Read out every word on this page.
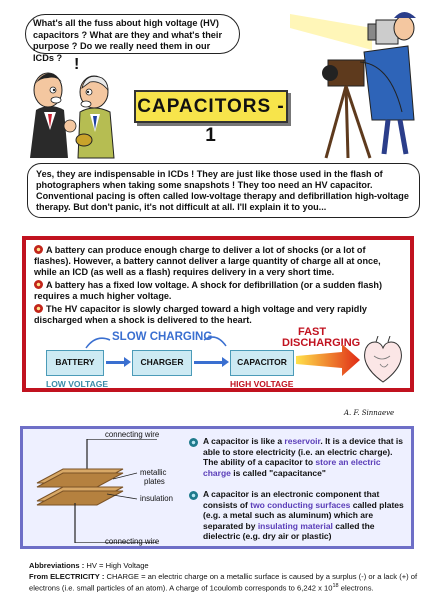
!
What's all the fuss about high voltage (HV) capacitors ? What are they and what's their purpose ? Do we really need them in our ICDs ?
CAPACITORS - 1
Yes, they are indispensable in ICDs ! They are just like those used in the flash of photographers when taking some snapshots ! They too need an HV capacitor. Conventional pacing is often called low-voltage therapy and defibrillation high-voltage therapy. But don't panic, it's not difficult at all. I'll explain it to you...
A battery can produce enough charge to deliver a lot of shocks (or a lot of flashes). However, a battery cannot deliver a large quantity of charge all at once, while an ICD (as well as a flash) requires delivery in a very short time.
A battery has a fixed low voltage. A shock for defibrillation (or a sudden flash) requires a much higher voltage.
The HV capacitor is slowly charged toward a high voltage and very rapidly discharged when a shock is delivered to the heart.
SLOW CHARGING	FAST
DISCHARGING
BATTERY	CHARGER	CAPACITOR
LOW VOLTAGE	HIGH VOLTAGE
A. F. Sinnaeve
connecting wire
metallic
plates
insulation
connecting wire
A capacitor is like a reservoir. It is a device that is able to store electricity (i.e. an electric charge). The ability of a capacitor to store an electric charge is called "capacitance"
A capacitor is an electronic component that consists of two conducting surfaces called plates (e.g. a metal such as aluminum) which are separated by insulating material called the dielectric (e.g. dry air or plastic)
Abbreviations : HV = High Voltage
From ELECTRICITY : CHARGE = an electric charge on a metallic surface is caused by a surplus (-) or a lack (+) of electrons (i.e. small particles of an atom). A charge of 1coulomb corresponds to 6,242 x $10^{18}$ electrons.
